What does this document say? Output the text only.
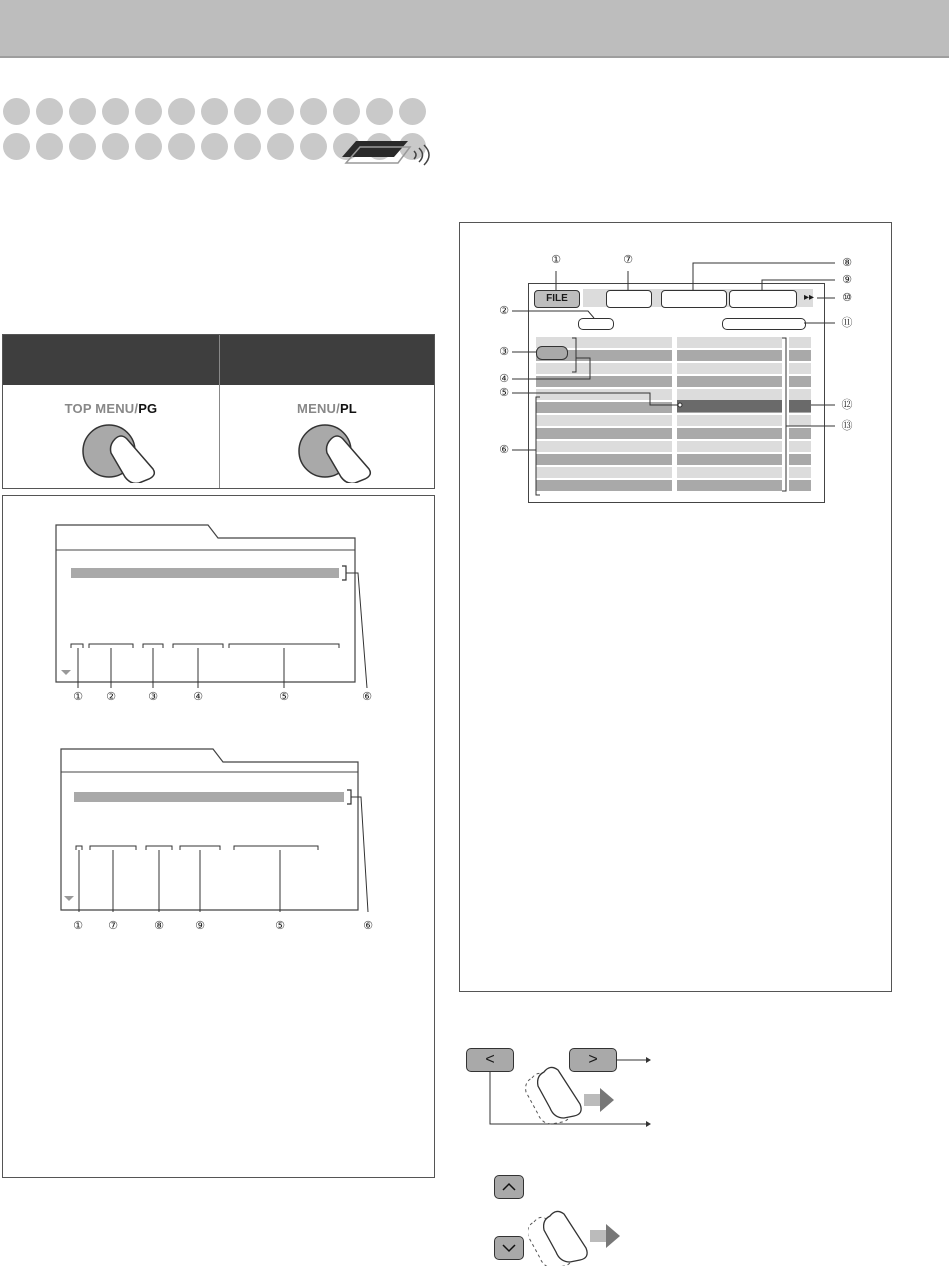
TOP MENU/PG	MENU/PL
①	②	③	④	⑤	⑥
①	⑦	⑧	⑨	⑤	⑥
FILE	▸▸
①	⑦	⑧
⑨
②
⑩
⑪
③
④
⑤
⑫
⑬
⑥
<	>
